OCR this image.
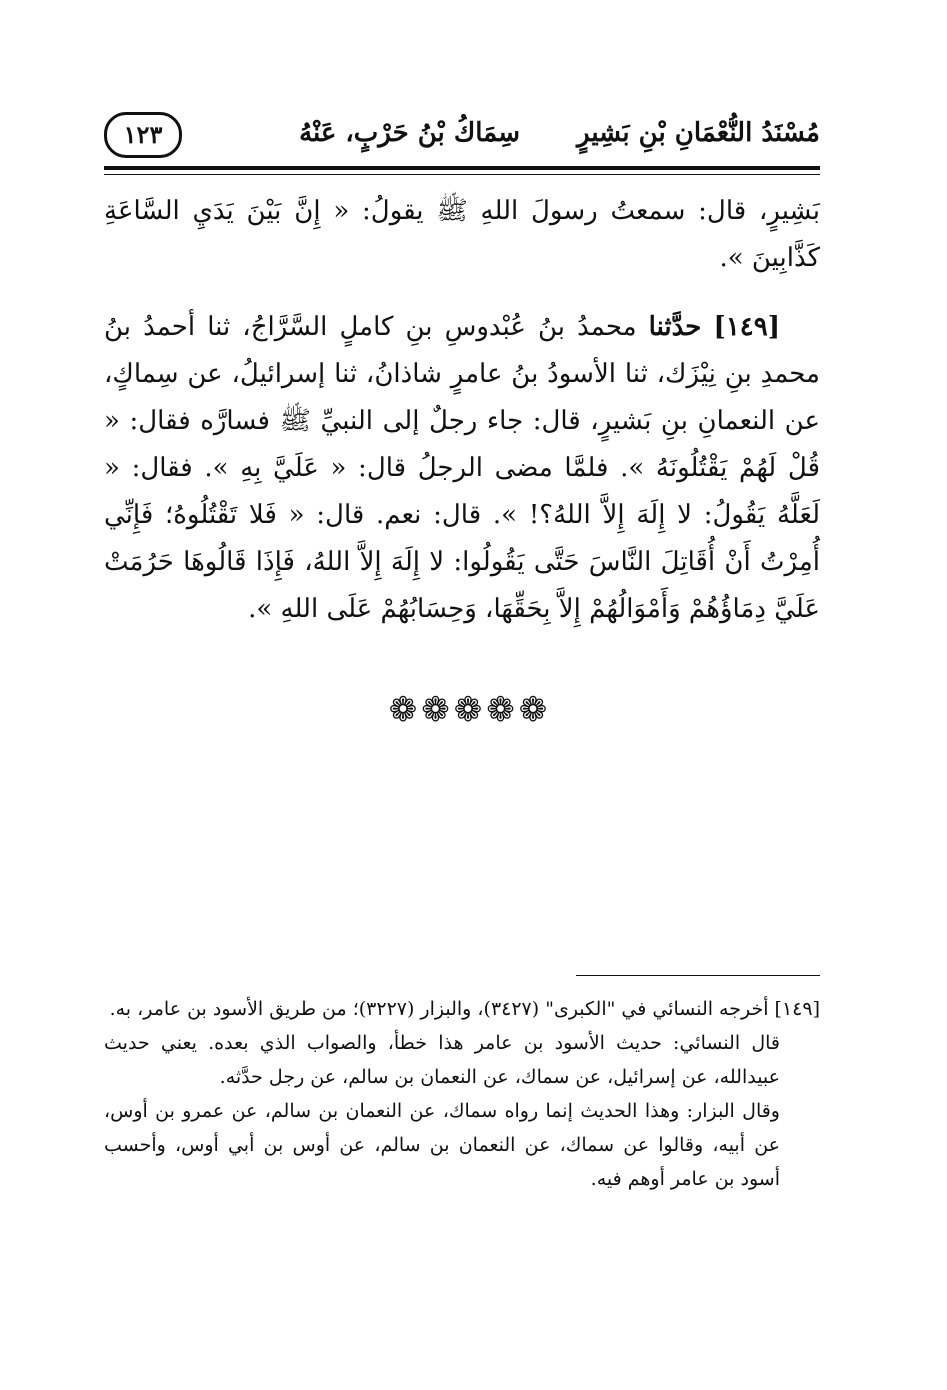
مُسْنَدُ النُّعْمَانِ بْنِ بَشِيرٍ
سِمَاكُ بْنُ حَرْبٍ، عَنْهُ
١٢٣

بَشِيرٍ، قال: سمعتُ رسولَ اللهِ ﷺ يقولُ: « إِنَّ بَيْنَ يَدَيِ السَّاعَةِ كَذَّابِينَ ».

[١٤٩] حدَّثنا محمدُ بنُ عُبْدوسِ بنِ كاملٍ السَّرَّاجُ، ثنا أحمدُ بنُ محمدِ بنِ نِيْزَك، ثنا الأسودُ بنُ عامرٍ شاذانُ، ثنا إسرائيلُ، عن سِماكٍ، عن النعمانِ بنِ بَشيرٍ، قال: جاء رجلٌ إلى النبيِّ ﷺ فسارَّه فقال: « قُلْ لَهُمْ يَقْتُلُونَهُ ». فلمَّا مضى الرجلُ قال: « عَلَيَّ بِهِ ». فقال: « لَعَلَّهُ يَقُولُ: لا إِلَهَ إِلاَّ اللهُ؟! ». قال: نعم. قال: « فَلا تَقْتُلُوهُ؛ فَإِنِّي أُمِرْتُ أَنْ أُقَاتِلَ النَّاسَ حَتَّى يَقُولُوا: لا إِلَهَ إِلاَّ اللهُ، فَإِذَا قَالُوهَا حَرُمَتْ عَلَيَّ دِمَاؤُهُمْ وَأَمْوَالُهُمْ إِلاَّ بِحَقِّهَا، وَحِسَابُهُمْ عَلَى اللهِ ».

❁❁❁❁❁

[١٤٩] أخرجه النسائي في "الكبرى" (٣٤٢٧)، والبزار (٣٢٢٧)؛ من طريق الأسود بن عامر، به.

قال النسائي: حديث الأسود بن عامر هذا خطأ، والصواب الذي بعده. يعني حديث عبيدالله، عن إسرائيل، عن سماك، عن النعمان بن سالم، عن رجل حدَّثه.

وقال البزار: وهذا الحديث إنما رواه سماك، عن النعمان بن سالم، عن عمرو بن أوس، عن أبيه، وقالوا عن سماك، عن النعمان بن سالم، عن أوس بن أبي أوس، وأحسب أسود بن عامر أوهم فيه.
